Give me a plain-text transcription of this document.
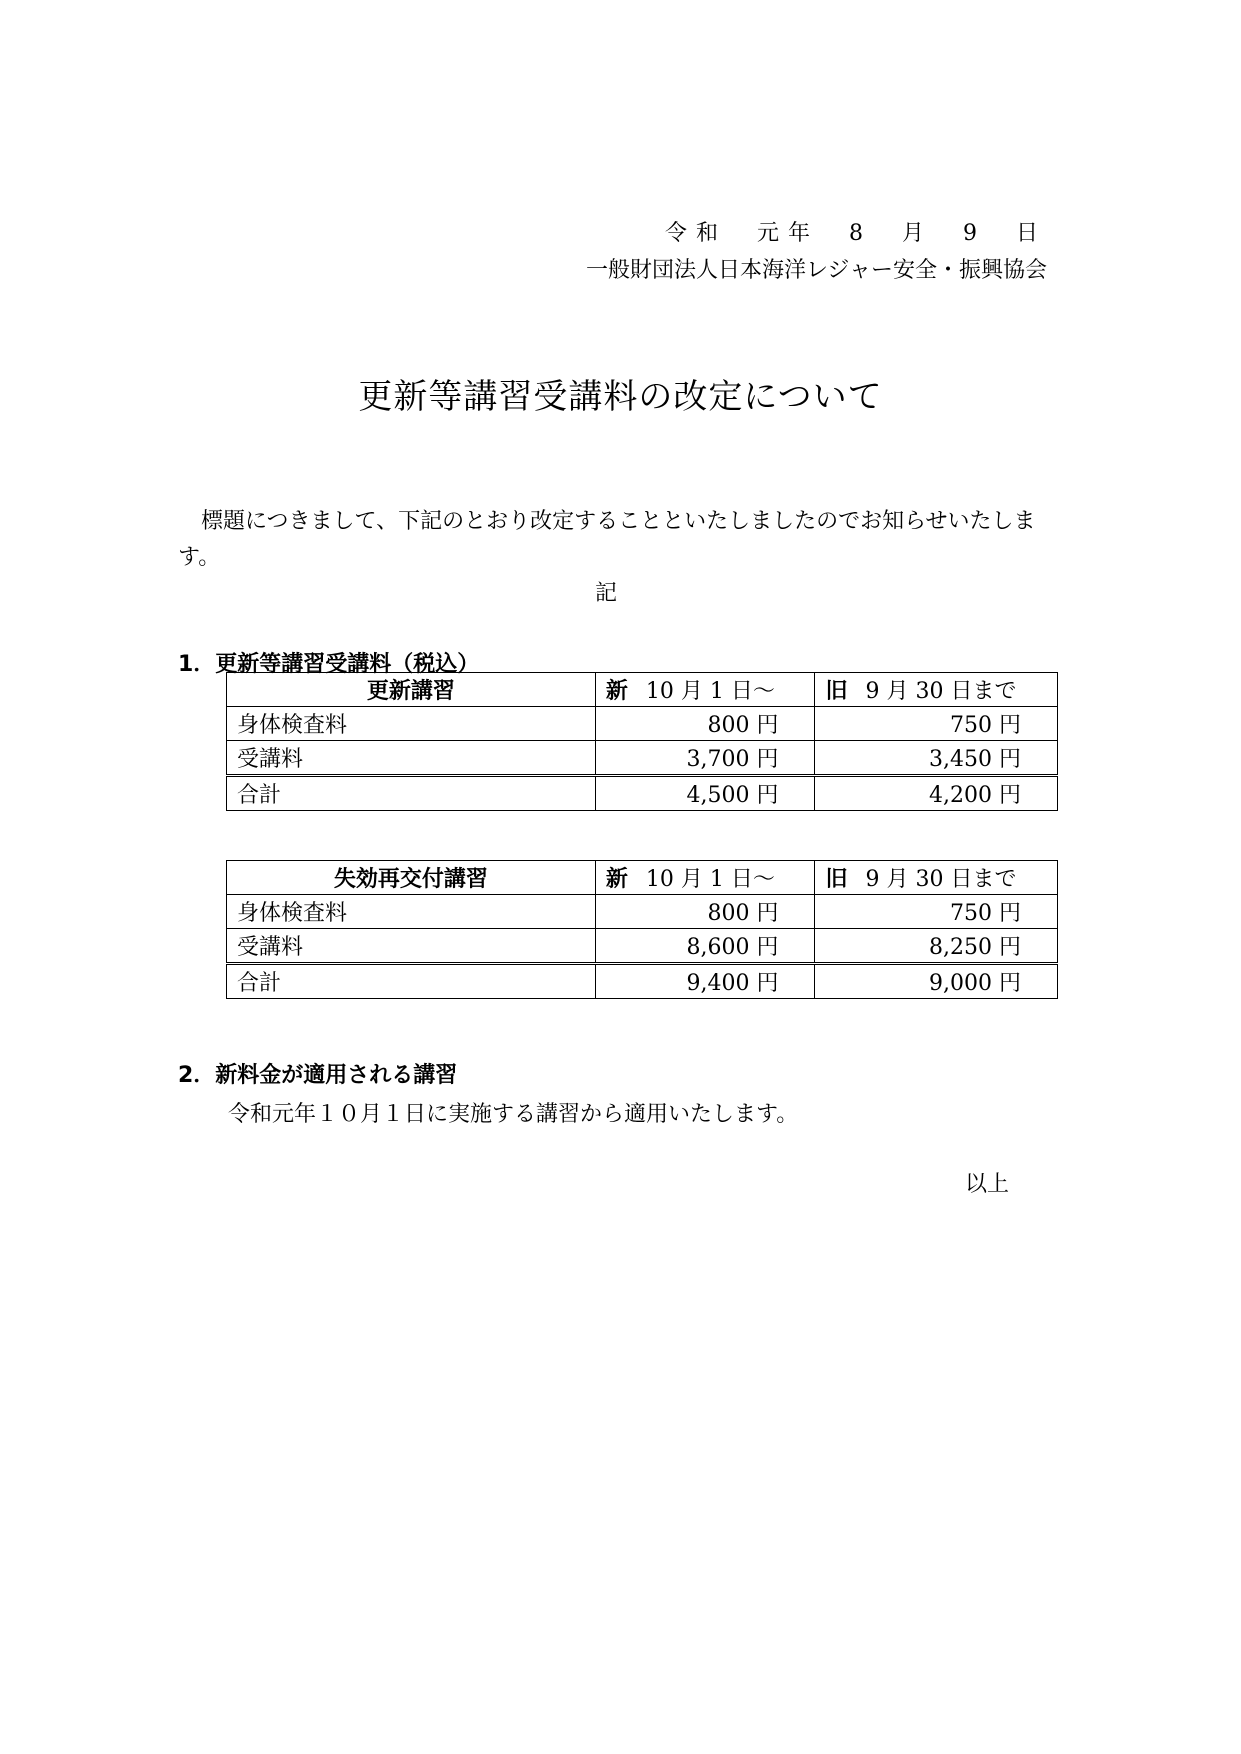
令和 元年 8 月 9 日
一般財団法人日本海洋レジャー安全・振興協会
更新等講習受講料の改定について
標題につきまして、下記のとおり改定することといたしましたのでお知らせいたします。
記
1．更新等講習受講料（税込）
更新講習	新 10 月 1 日～	旧 9 月 30 日まで
身体検査料	800 円	750 円
受講料	3,700 円	3,450 円
合計	4,500 円	4,200 円
失効再交付講習	新 10 月 1 日～	旧 9 月 30 日まで
身体検査料	800 円	750 円
受講料	8,600 円	8,250 円
合計	9,400 円	9,000 円
2．新料金が適用される講習
令和元年１０月１日に実施する講習から適用いたします。
以上
